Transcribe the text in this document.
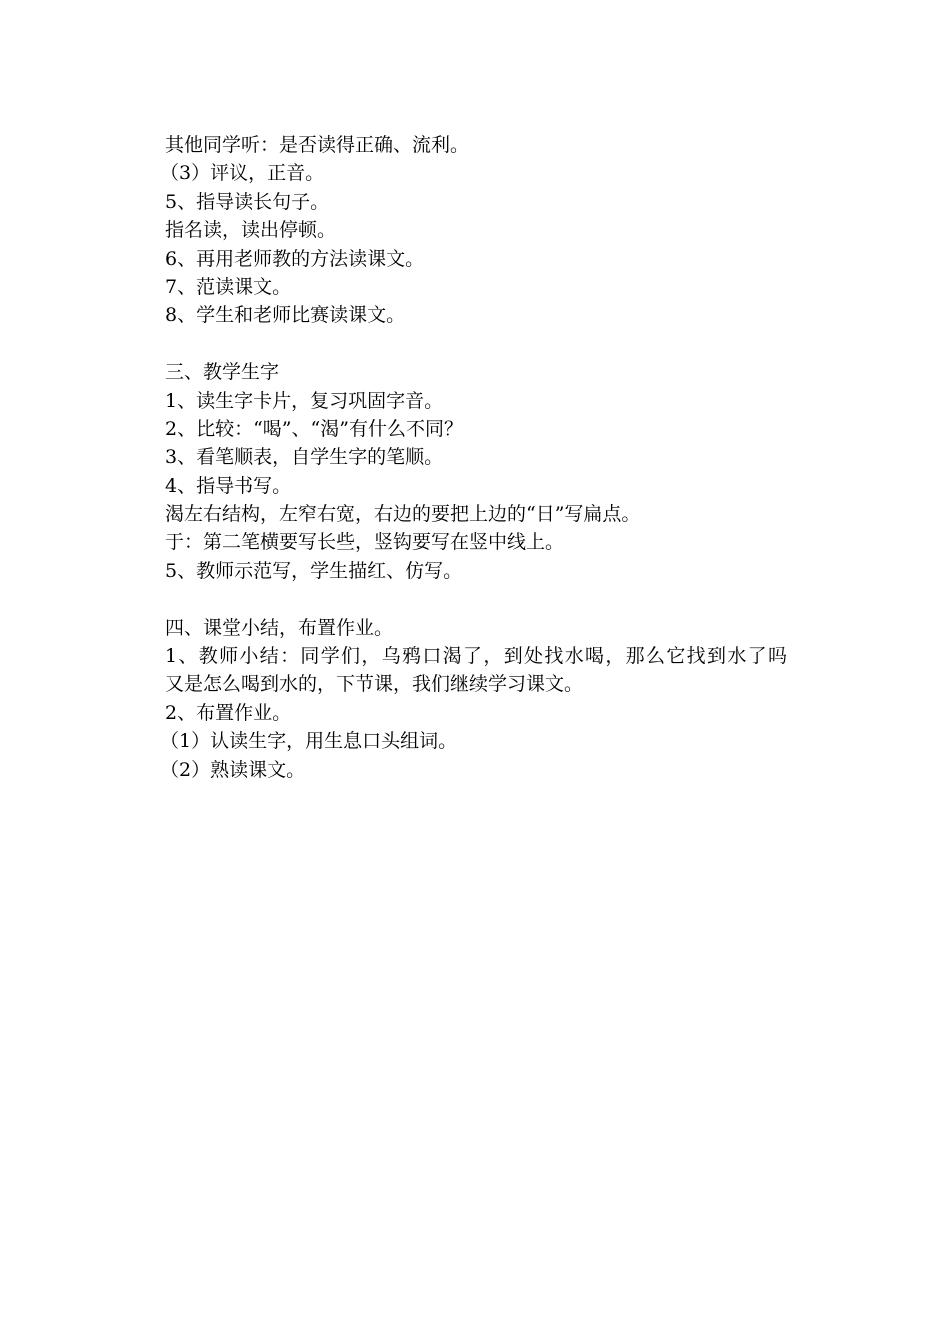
其他同学听：是否读得正确、流利。
（3）评议，正音。
5、指导读长句子。
指名读，读出停顿。
6、再用老师教的方法读课文。
7、范读课文。
8、学生和老师比赛读课文。
三、教学生字
1、读生字卡片，复习巩固字音。
2、比较：“喝”、“渴”有什么不同？
3、看笔顺表，自学生字的笔顺。
4、指导书写。
渴左右结构，左窄右宽，右边的要把上边的“日”写扁点。
于：第二笔横要写长些，竖钩要写在竖中线上。
5、教师示范写，学生描红、仿写。
四、课堂小结，布置作业。
1、教师小结：同学们，乌鸦口渴了，到处找水喝，那么它找到水了吗
又是怎么喝到水的，下节课，我们继续学习课文。
2、布置作业。
（1）认读生字，用生息口头组词。
（2）熟读课文。
